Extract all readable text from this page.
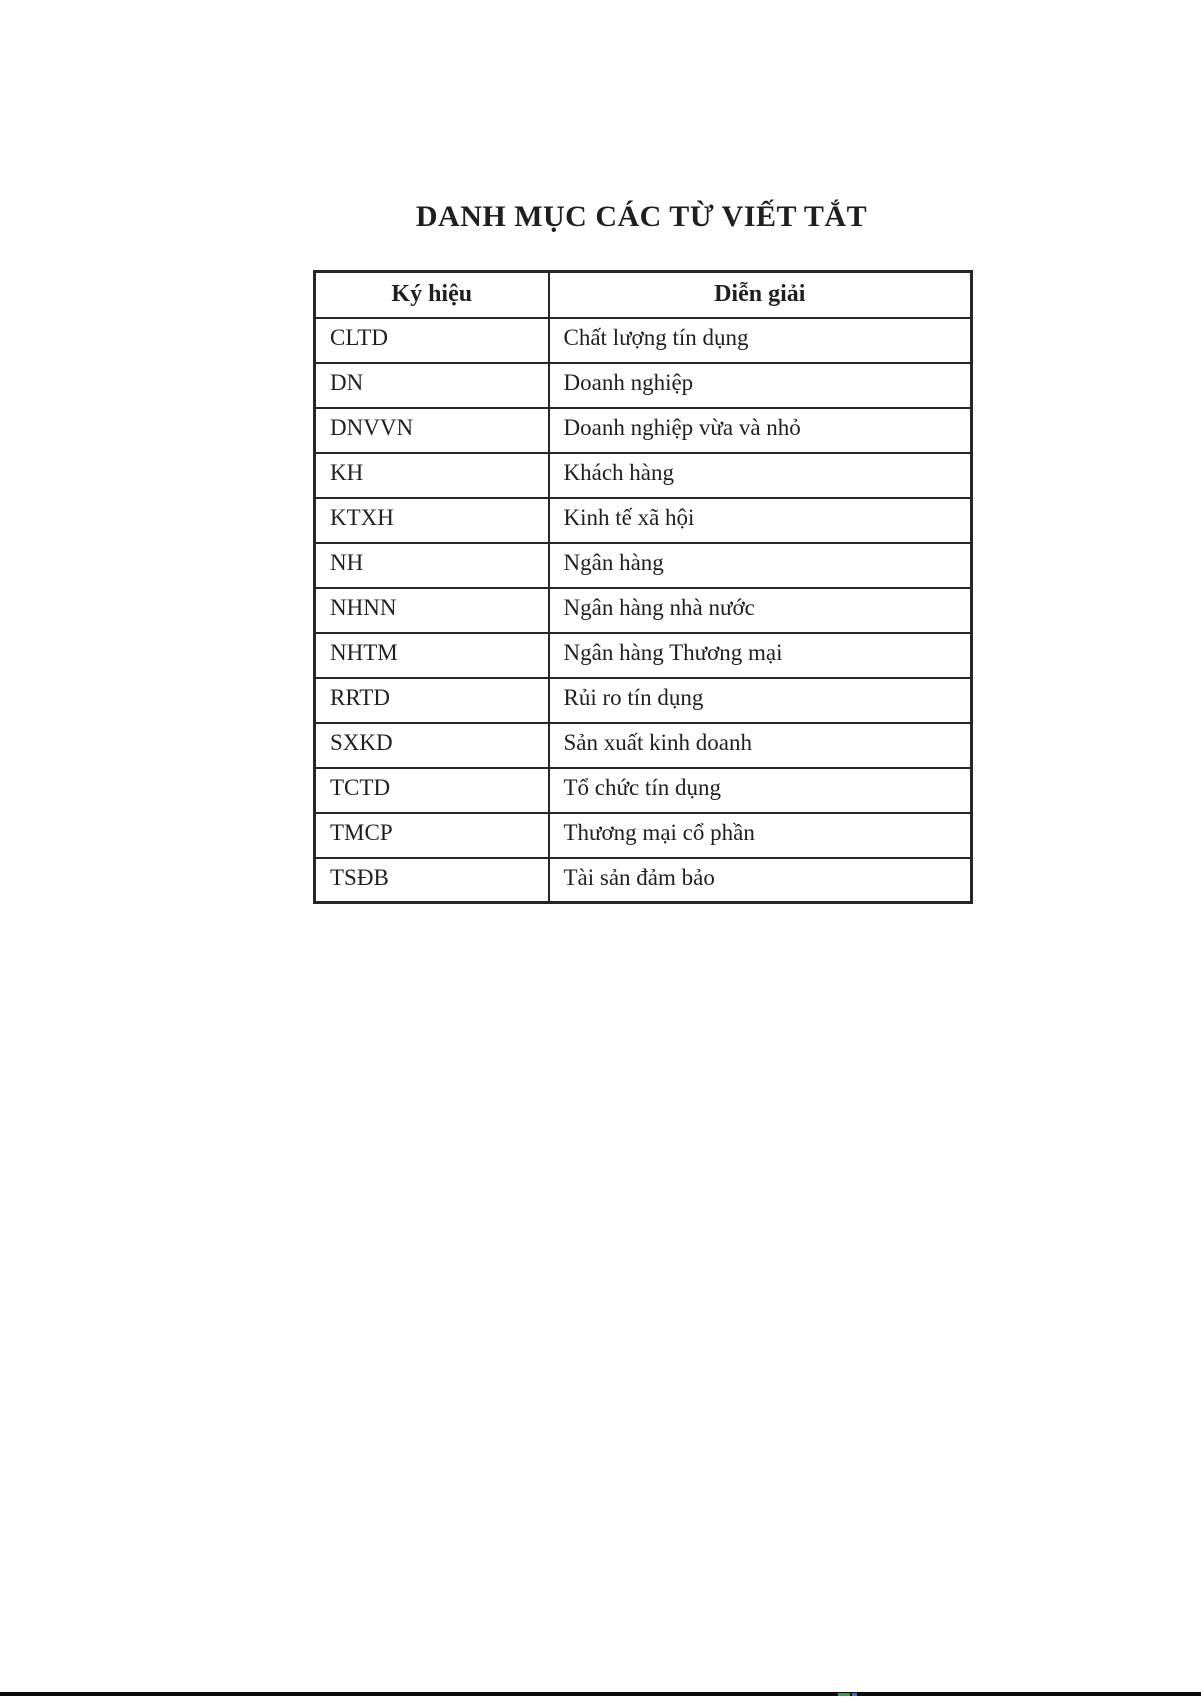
DANH MỤC CÁC TỪ VIẾT TẮT
Ký hiệu	Diễn giải
CLTD	Chất lượng tín dụng
DN	Doanh nghiệp
DNVVN	Doanh nghiệp vừa và nhỏ
KH	Khách hàng
KTXH	Kinh tế xã hội
NH	Ngân hàng
NHNN	Ngân hàng nhà nước
NHTM	Ngân hàng Thương mại
RRTD	Rủi ro tín dụng
SXKD	Sản xuất kinh doanh
TCTD	Tổ chức tín dụng
TMCP	Thương mại cổ phần
TSĐB	Tài sản đảm bảo
